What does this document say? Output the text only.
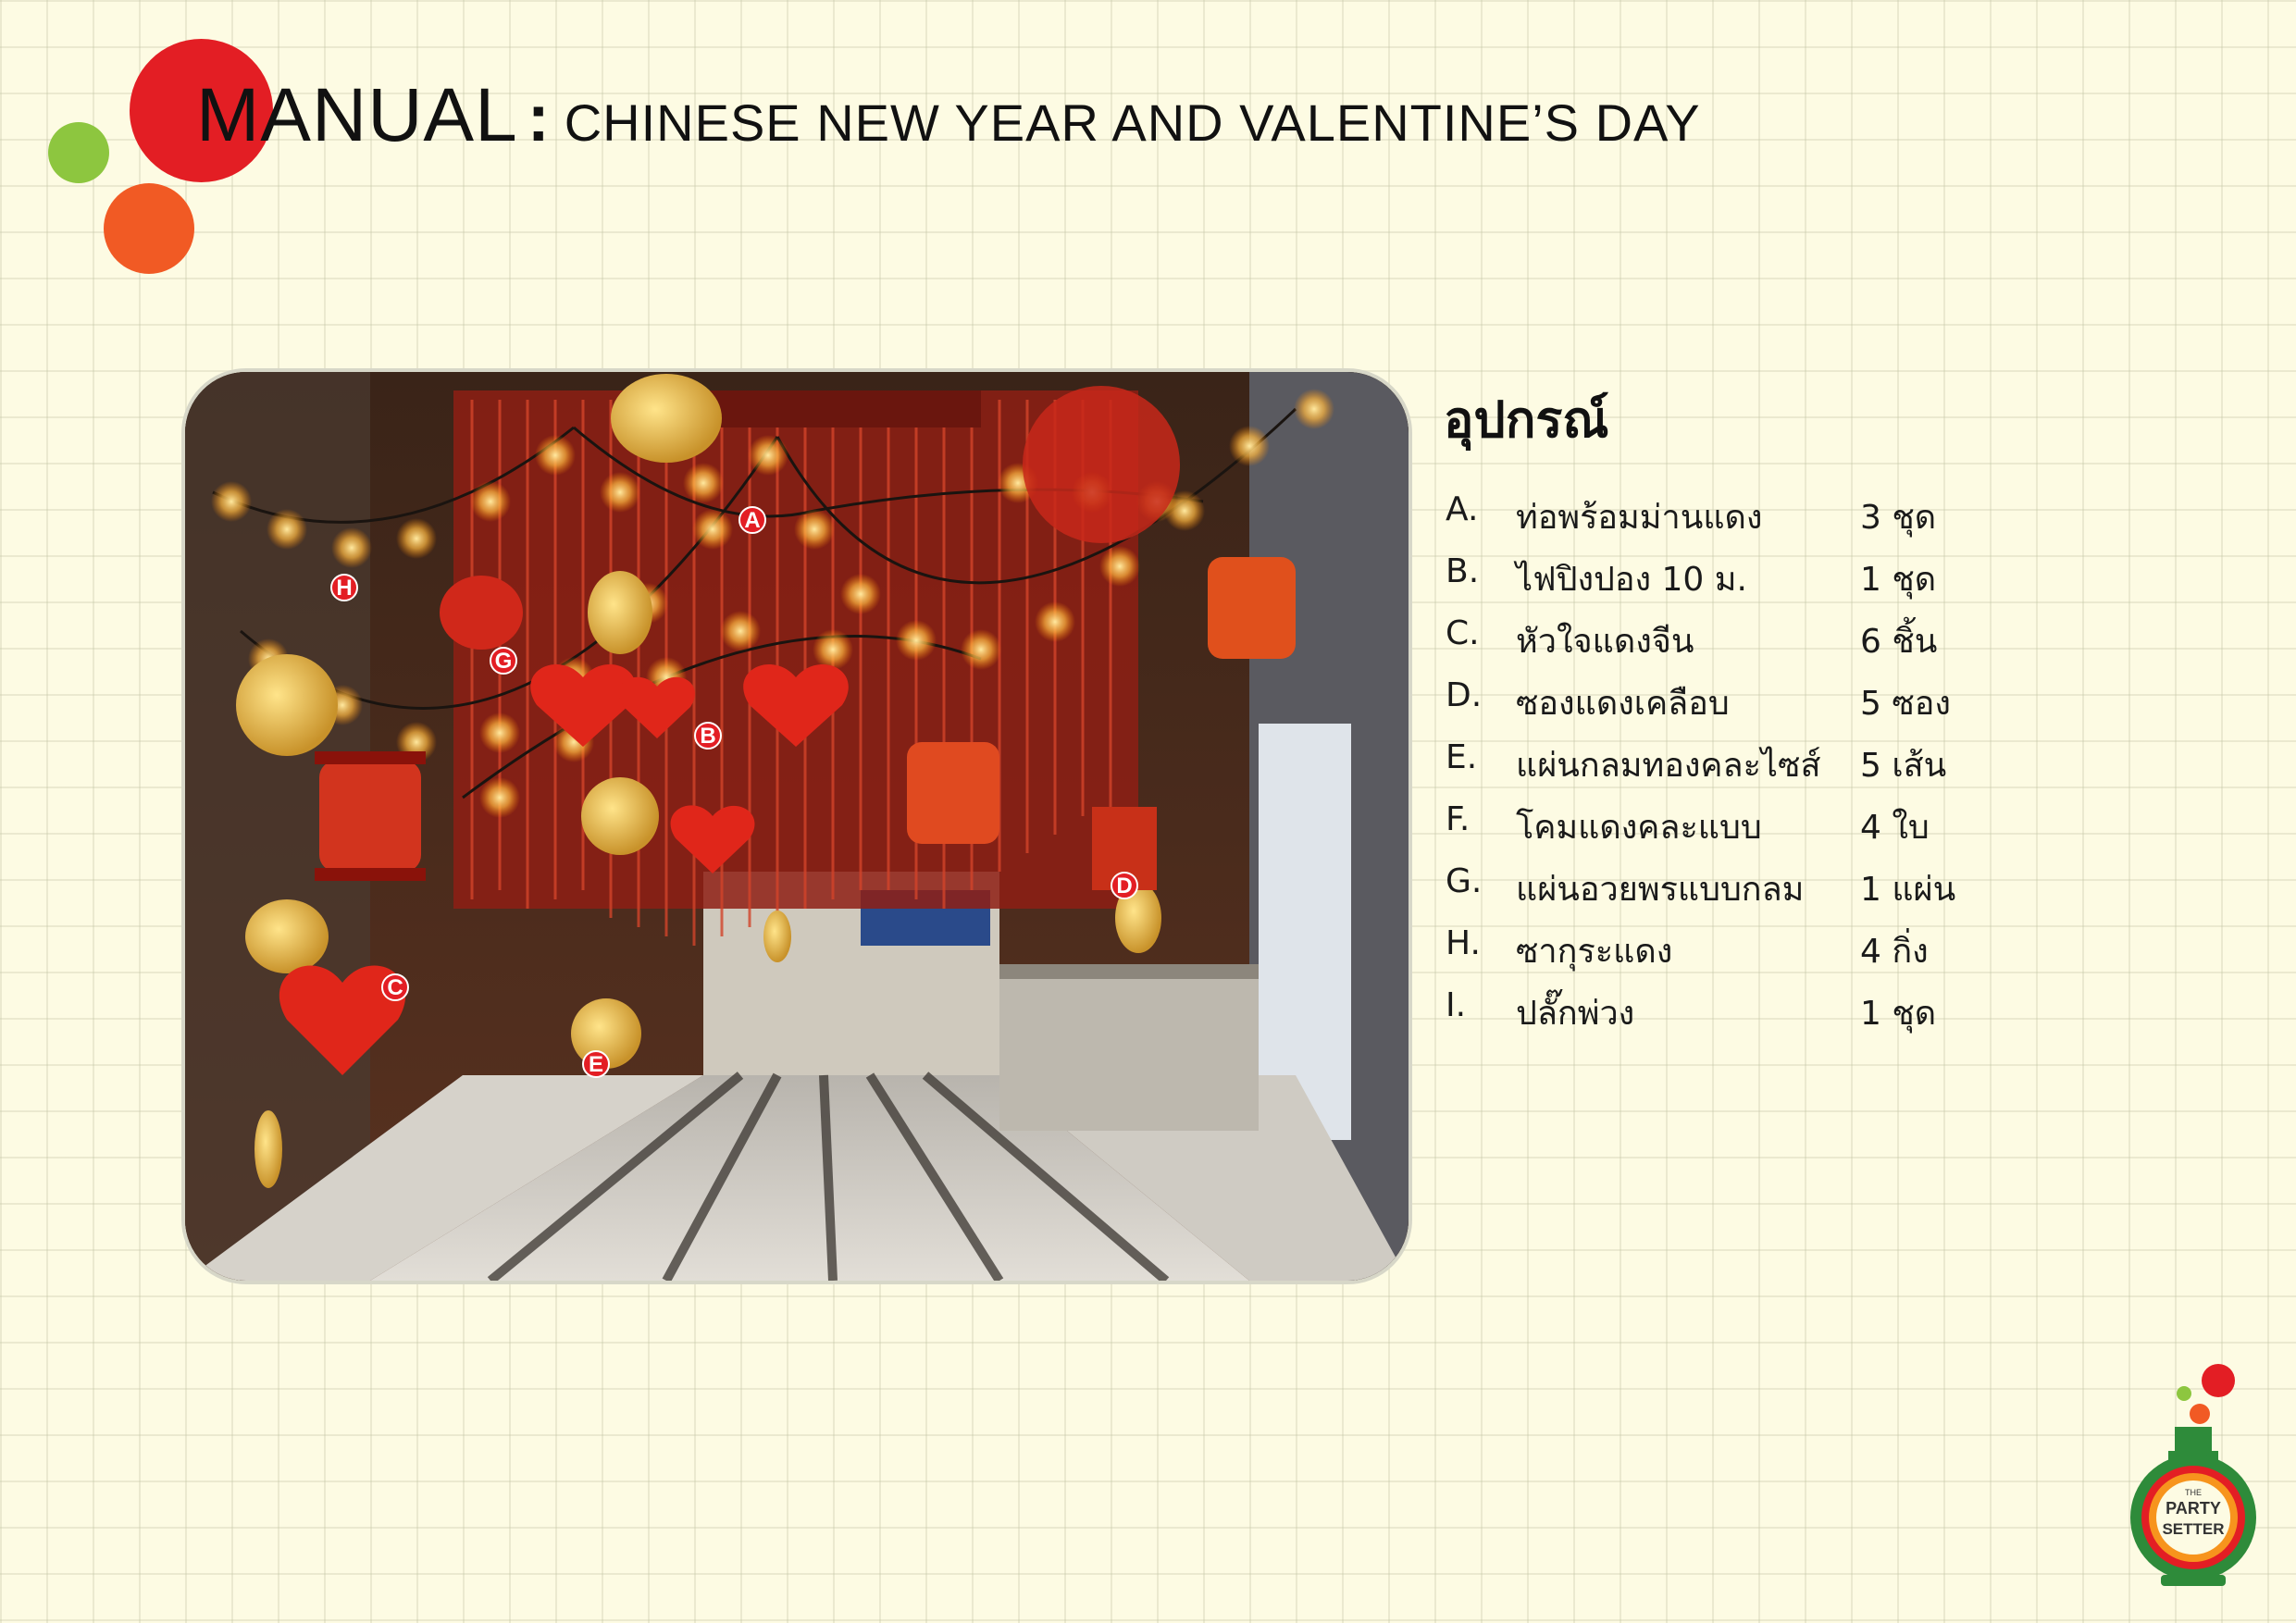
MANUAL : CHINESE NEW YEAR AND VALENTINE’S DAY
A
B
C
D
E
G
H
อุปกรณ์
A. ท่อพร้อมม่านแดง	3 ชุด
B. ไฟปิงปอง 10 ม.	1 ชุด
C. หัวใจแดงจีน	6 ชิ้น
D. ซองแดงเคลือบ	5 ซอง
E. แผ่นกลมทองคละไซส์ 5 เส้น
F. โคมแดงคละแบบ	4 ใบ
G. แผ่นอวยพรแบบกลม 1 แผ่น
H. ซากุระแดง	4 กิ่ง
I. ปลั๊กพ่วง	1 ชุด
THE
PARTY
SETTER
